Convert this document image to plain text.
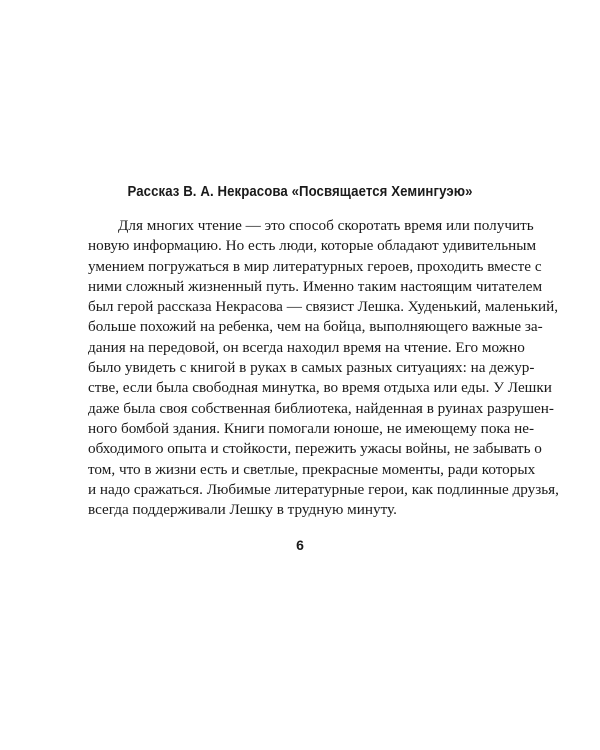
Рассказ В. А. Некрасова «Посвящается Хемингуэю»

Для многих чтение — это способ скоротать время или получить
новую информацию. Но есть люди, которые обладают удивительным
умением погружаться в мир литературных героев, проходить вместе с
ними сложный жизненный путь. Именно таким настоящим читателем
был герой рассказа Некрасова — связист Лешка. Худенький, маленький,
больше похожий на ребенка, чем на бойца, выполняющего важные за-
дания на передовой, он всегда находил время на чтение. Его можно
было увидеть с книгой в руках в самых разных ситуациях: на дежур-
стве, если была свободная минутка, во время отдыха или еды. У Лешки
даже была своя собственная библиотека, найденная в руинах разрушен-
ного бомбой здания. Книги помогали юноше, не имеющему пока не-
обходимого опыта и стойкости, пережить ужасы войны, не забывать о
том, что в жизни есть и светлые, прекрасные моменты, ради которых
и надо сражаться. Любимые литературные герои, как подлинные друзья,
всегда поддерживали Лешку в трудную минуту.

6
